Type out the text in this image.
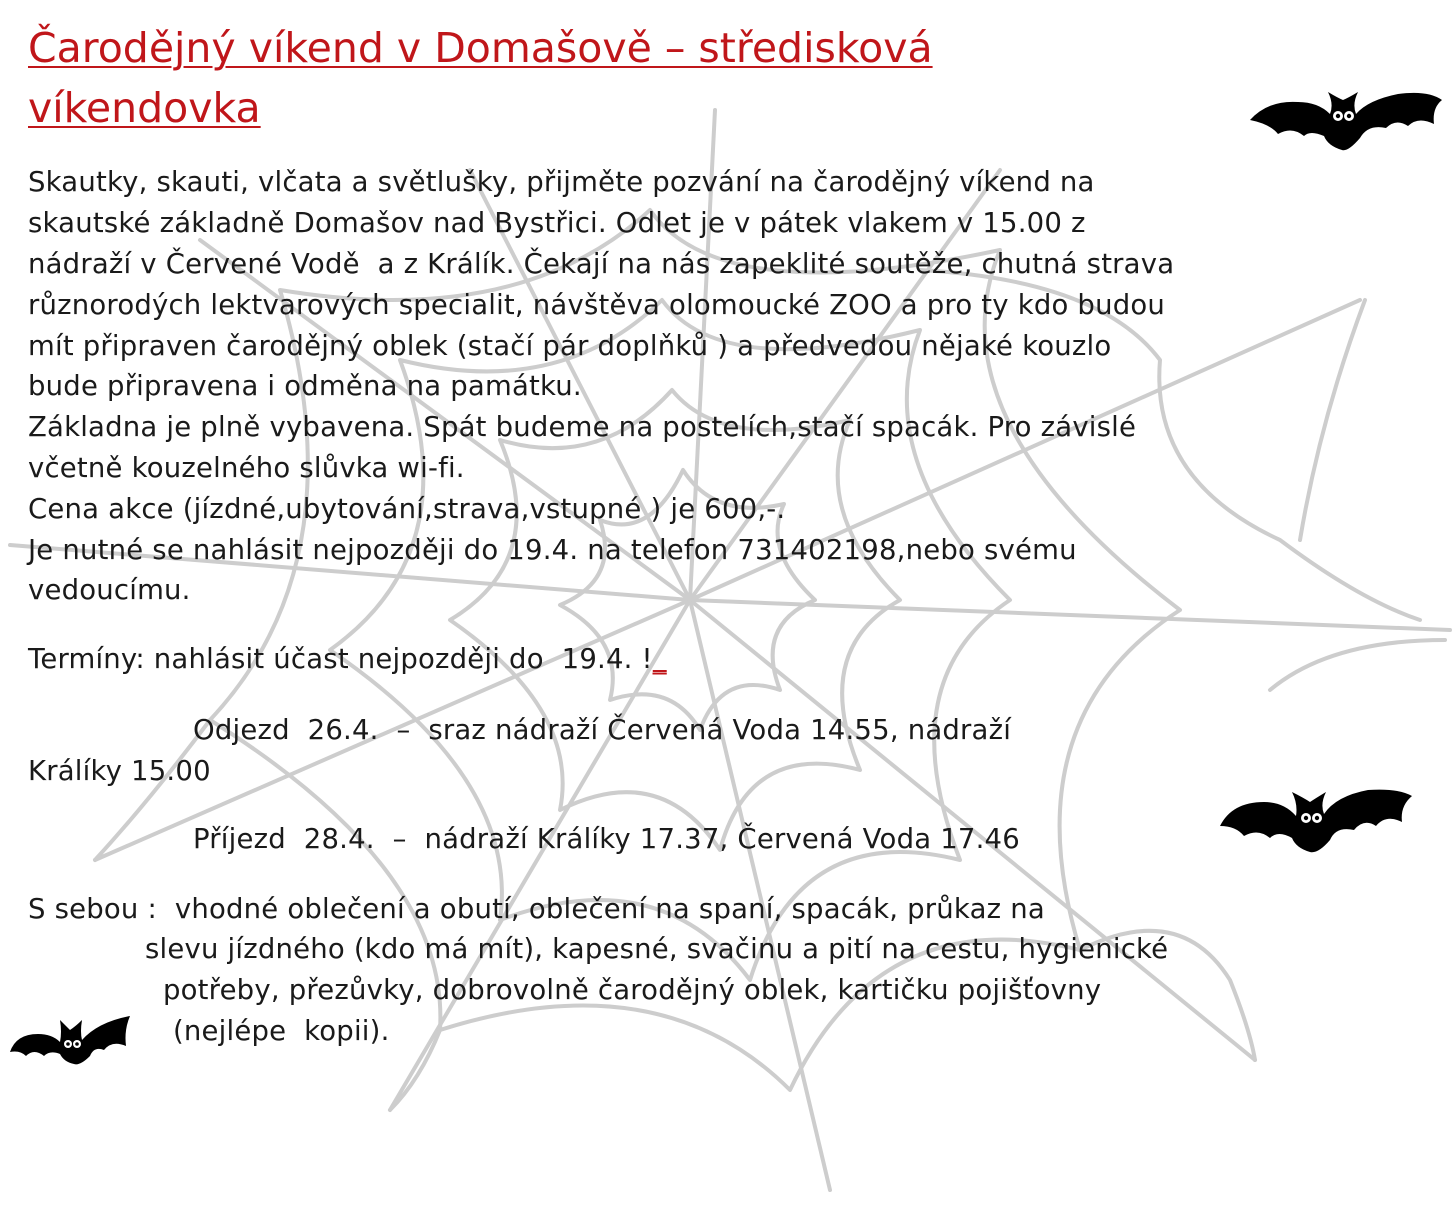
Čarodějný víkend v Domašově – středisková
víkendovka
Skautky, skauti, vlčata a světlušky, přijměte pozvání na čarodějný víkend na
skautské základně Domašov nad Bystřici. Odlet je v pátek vlakem v 15.00 z
nádraží v Červené Vodě  a z Králík. Čekají na nás zapeklité soutěže, chutná strava
různorodých lektvarových specialit, návštěva olomoucké ZOO a pro ty kdo budou
mít připraven čarodějný oblek (stačí pár doplňků ) a předvedou nějaké kouzlo
bude připravena i odměna na památku.
Základna je plně vybavena. Spát budeme na postelích,stačí spacák. Pro závislé
včetně kouzelného slůvka wi-fi.
Cena akce (jízdné,ubytování,strava,vstupné ) je 600,-.
Je nutné se nahlásit nejpozději do 19.4. na telefon 731402198,nebo svému
vedoucímu.
Termíny: nahlásit účast nejpozději do  19.4. !_
Odjezd  26.4.  –  sraz nádraží Červená Voda 14.55, nádraží
Králíky 15.00
Příjezd  28.4.  –  nádraží Králíky 17.37, Červená Voda 17.46
S sebou :  vhodné oblečení a obutí, oblečení na spaní, spacák, průkaz na
slevu jízdného (kdo má mít), kapesné, svačinu a pití na cestu, hygienické
potřeby, přezůvky, dobrovolně čarodějný oblek, kartičku pojišťovny
(nejlépe  kopii).
